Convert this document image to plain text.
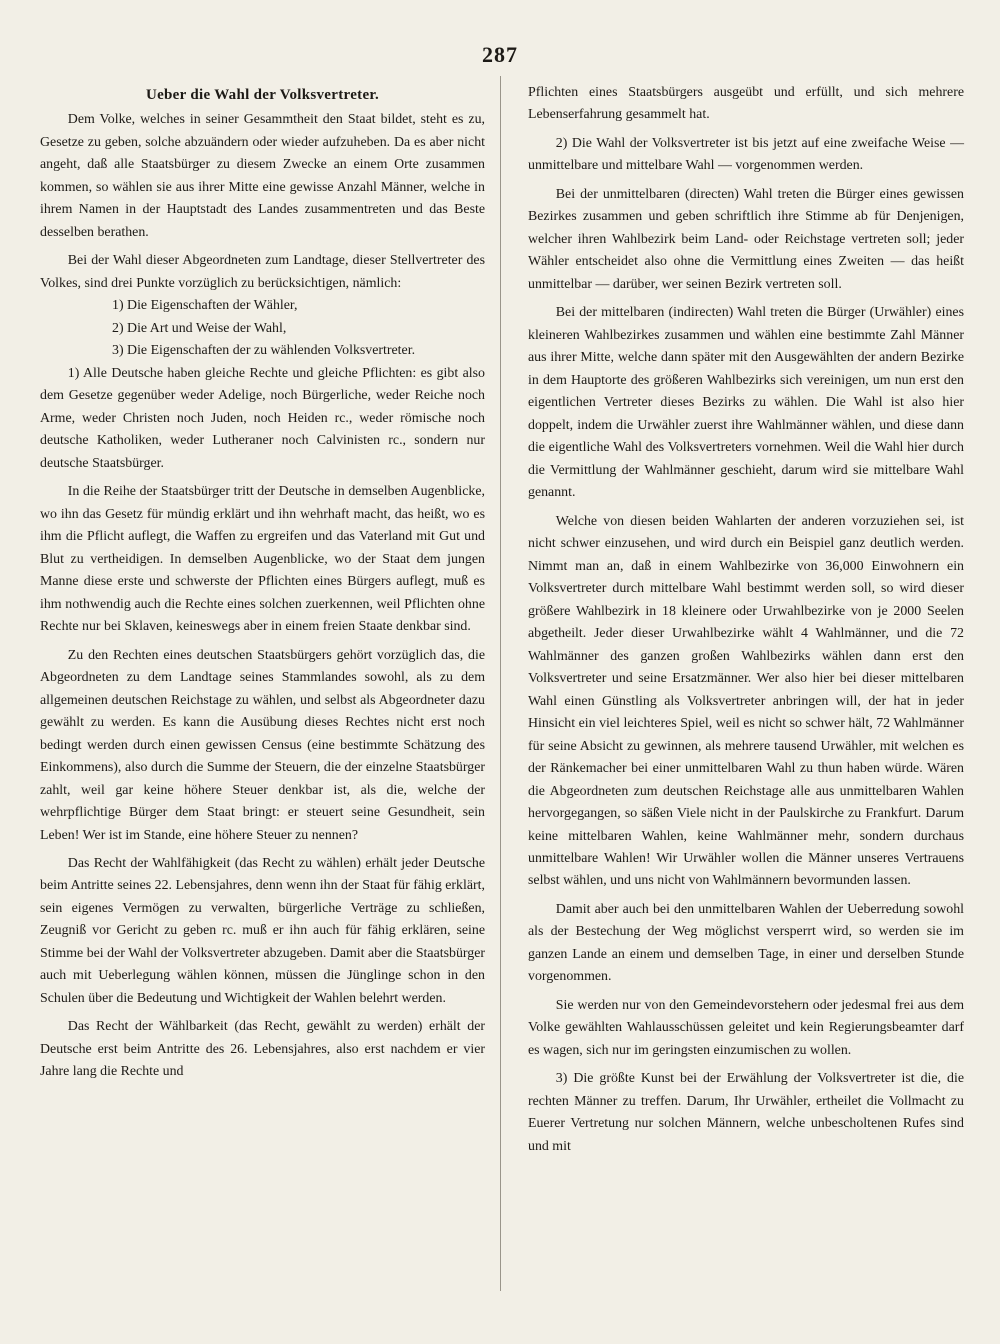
287
Ueber die Wahl der Volksvertreter.

Dem Volke, welches in seiner Gesammtheit den Staat bildet, steht es zu, Gesetze zu geben, solche abzuändern oder wieder aufzuheben. Da es aber nicht angeht, daß alle Staatsbürger zu diesem Zwecke an einem Orte zusammen kommen, so wählen sie aus ihrer Mitte eine gewisse Anzahl Männer, welche in ihrem Namen in der Hauptstadt des Landes zusammentreten und das Beste desselben berathen.

Bei der Wahl dieser Abgeordneten zum Landtage, dieser Stellvertreter des Volkes, sind drei Punkte vorzüglich zu berücksichtigen, nämlich:

1) Die Eigenschaften der Wähler,
2) Die Art und Weise der Wahl,
3) Die Eigenschaften der zu wählenden Volksvertreter.

1) Alle Deutsche haben gleiche Rechte und gleiche Pflichten: es gibt also dem Gesetze gegenüber weder Adelige, noch Bürgerliche, weder Reiche noch Arme, weder Christen noch Juden, noch Heiden rc., weder römische noch deutsche Katholiken, weder Lutheraner noch Calvinisten rc., sondern nur deutsche Staatsbürger.

In die Reihe der Staatsbürger tritt der Deutsche in demselben Augenblicke, wo ihn das Gesetz für mündig erklärt und ihn wehrhaft macht, das heißt, wo es ihm die Pflicht auflegt, die Waffen zu ergreifen und das Vaterland mit Gut und Blut zu vertheidigen. In demselben Augenblicke, wo der Staat dem jungen Manne diese erste und schwerste der Pflichten eines Bürgers auflegt, muß es ihm nothwendig auch die Rechte eines solchen zuerkennen, weil Pflichten ohne Rechte nur bei Sklaven, keineswegs aber in einem freien Staate denkbar sind.

Zu den Rechten eines deutschen Staatsbürgers gehört vorzüglich das, die Abgeordneten zu dem Landtage seines Stammlandes sowohl, als zu dem allgemeinen deutschen Reichstage zu wählen, und selbst als Abgeordneter dazu gewählt zu werden. Es kann die Ausübung dieses Rechtes nicht erst noch bedingt werden durch einen gewissen Census (eine bestimmte Schätzung des Einkommens), also durch die Summe der Steuern, die der einzelne Staatsbürger zahlt, weil gar keine höhere Steuer denkbar ist, als die, welche der wehrpflichtige Bürger dem Staat bringt: er steuert seine Gesundheit, sein Leben! Wer ist im Stande, eine höhere Steuer zu nennen?

Das Recht der Wahlfähigkeit (das Recht zu wählen) erhält jeder Deutsche beim Antritte seines 22. Lebensjahres, denn wenn ihn der Staat für fähig erklärt, sein eigenes Vermögen zu verwalten, bürgerliche Verträge zu schließen, Zeugniß vor Gericht zu geben rc. muß er ihn auch für fähig erklären, seine Stimme bei der Wahl der Volksvertreter abzugeben. Damit aber die Staatsbürger auch mit Ueberlegung wählen können, müssen die Jünglinge schon in den Schulen über die Bedeutung und Wichtigkeit der Wahlen belehrt werden.

Das Recht der Wählbarkeit (das Recht, gewählt zu werden) erhält der Deutsche erst beim Antritte des 26. Lebensjahres, also erst nachdem er vier Jahre lang die Rechte und

Pflichten eines Staatsbürgers ausgeübt und erfüllt, und sich mehrere Lebenserfahrung gesammelt hat.

2) Die Wahl der Volksvertreter ist bis jetzt auf eine zweifache Weise — unmittelbare und mittelbare Wahl — vorgenommen werden.

Bei der unmittelbaren (directen) Wahl treten die Bürger eines gewissen Bezirkes zusammen und geben schriftlich ihre Stimme ab für Denjenigen, welcher ihren Wahlbezirk beim Land- oder Reichstage vertreten soll; jeder Wähler entscheidet also ohne die Vermittlung eines Zweiten — das heißt unmittelbar — darüber, wer seinen Bezirk vertreten soll.

Bei der mittelbaren (indirecten) Wahl treten die Bürger (Urwähler) eines kleineren Wahlbezirkes zusammen und wählen eine bestimmte Zahl Männer aus ihrer Mitte, welche dann später mit den Ausgewählten der andern Bezirke in dem Hauptorte des größeren Wahlbezirks sich vereinigen, um nun erst den eigentlichen Vertreter dieses Bezirks zu wählen. Die Wahl ist also hier doppelt, indem die Urwähler zuerst ihre Wahlmänner wählen, und diese dann die eigentliche Wahl des Volksvertreters vornehmen. Weil die Wahl hier durch die Vermittlung der Wahlmänner geschieht, darum wird sie mittelbare Wahl genannt.

Welche von diesen beiden Wahlarten der anderen vorzuziehen sei, ist nicht schwer einzusehen, und wird durch ein Beispiel ganz deutlich werden. Nimmt man an, daß in einem Wahlbezirke von 36,000 Einwohnern ein Volksvertreter durch mittelbare Wahl bestimmt werden soll, so wird dieser größere Wahlbezirk in 18 kleinere oder Urwahlbezirke von je 2000 Seelen abgetheilt. Jeder dieser Urwahlbezirke wählt 4 Wahlmänner, und die 72 Wahlmänner des ganzen großen Wahlbezirks wählen dann erst den Volksvertreter und seine Ersatzmänner. Wer also hier bei dieser mittelbaren Wahl einen Günstling als Volksvertreter anbringen will, der hat in jeder Hinsicht ein viel leichteres Spiel, weil es nicht so schwer hält, 72 Wahlmänner für seine Absicht zu gewinnen, als mehrere tausend Urwähler, mit welchen es der Ränkemacher bei einer unmittelbaren Wahl zu thun haben würde. Wären die Abgeordneten zum deutschen Reichstage alle aus unmittelbaren Wahlen hervorgegangen, so säßen Viele nicht in der Paulskirche zu Frankfurt. Darum keine mittelbaren Wahlen, keine Wahlmänner mehr, sondern durchaus unmittelbare Wahlen! Wir Urwähler wollen die Männer unseres Vertrauens selbst wählen, und uns nicht von Wahlmännern bevormunden lassen.

Damit aber auch bei den unmittelbaren Wahlen der Ueberredung sowohl als der Bestechung der Weg möglichst versperrt wird, so werden sie im ganzen Lande an einem und demselben Tage, in einer und derselben Stunde vorgenommen.

Sie werden nur von den Gemeindevorstehern oder jedesmal frei aus dem Volke gewählten Wahlausschüssen geleitet und kein Regierungsbeamter darf es wagen, sich nur im geringsten einzumischen zu wollen.

3) Die größte Kunst bei der Erwählung der Volksvertreter ist die, die rechten Männer zu treffen. Darum, Ihr Urwähler, ertheilet die Vollmacht zu Euerer Vertretung nur solchen Männern, welche unbescholtenen Rufes sind und mit
